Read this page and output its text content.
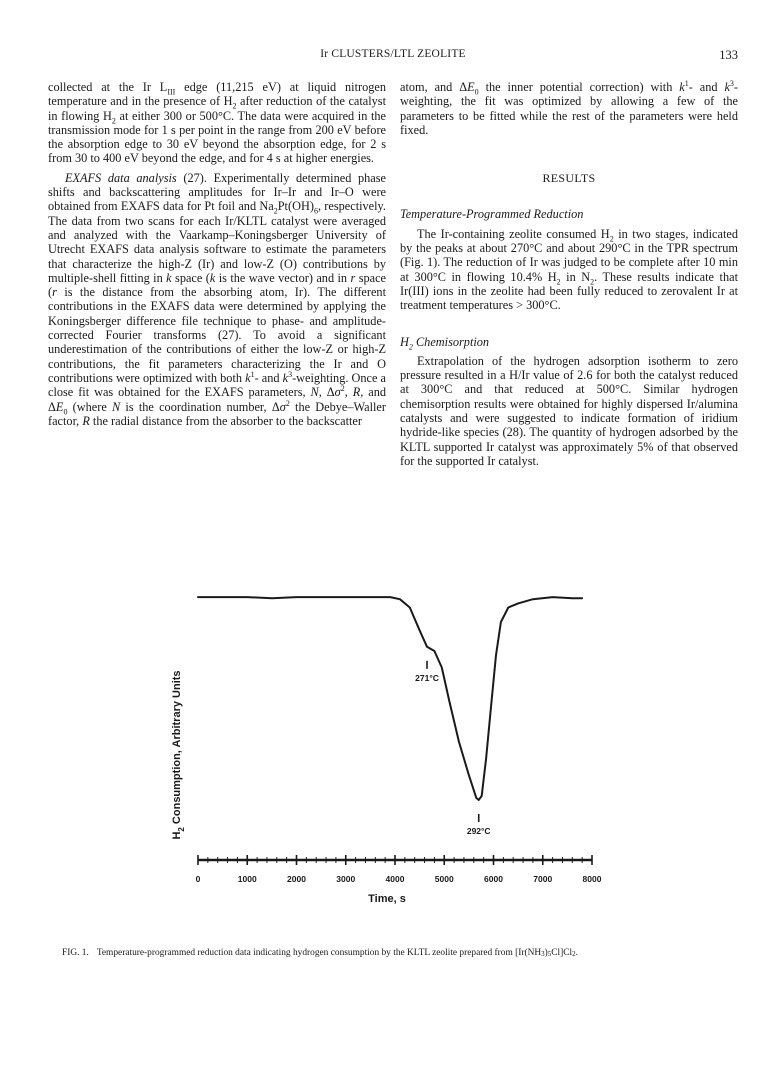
Ir CLUSTERS/LTL ZEOLITE	133

collected at the Ir $L_{III}$ edge (11,215 eV) at liquid nitrogen temperature and in the presence of $H_2$ after reduction of the catalyst in flowing $H_2$ at either 300 or 500°C. The data were acquired in the transmission mode for 1 s per point in the range from 200 eV before the absorption edge to 30 eV beyond the absorption edge, for 2 s from 30 to 400 eV beyond the edge, and for 4 s at higher energies.

EXAFS data analysis (27). Experimentally determined phase shifts and backscattering amplitudes for Ir–Ir and Ir–O were obtained from EXAFS data for Pt foil and $Na_2Pt(OH)_6$, respectively. The data from two scans for each Ir/KLTL catalyst were averaged and analyzed with the Vaarkamp–Koningsberger University of Utrecht EXAFS data analysis software to estimate the parameters that characterize the high-Z (Ir) and low-Z (O) contributions by multiple-shell fitting in k space (k is the wave vector) and in r space (r is the distance from the absorbing atom, Ir). The different contributions in the EXAFS data were determined by applying the Koningsberger difference file technique to phase- and amplitude-corrected Fourier transforms (27). To avoid a significant underestimation of the contributions of either the low-Z or high-Z contributions, the fit parameters characterizing the Ir and O contributions were optimized with both $k^1-$ and $k^3$-weighting. Once a close fit was obtained for the EXAFS parameters, N, $\Delta\sigma^2$, R, and $\Delta E_0$ (where N is the coordination number, $\Delta\sigma^2$ the Debye–Waller factor, R the radial distance from the absorber to the backscatter

atom, and $\Delta E_0$ the inner potential correction) with $k^1-$ and $k^3$-weighting, the fit was optimized by allowing a few of the parameters to be fitted while the rest of the parameters were held fixed.

RESULTS

Temperature-Programmed Reduction

The Ir-containing zeolite consumed $H_2$ in two stages, indicated by the peaks at about 270°C and about 290°C in the TPR spectrum (Fig. 1). The reduction of Ir was judged to be complete after 10 min at 300°C in flowing 10.4% $H_2$ in $N_2$. These results indicate that Ir(III) ions in the zeolite had been fully reduced to zerovalent Ir at treatment temperatures > 300°C.

$H_2$ Chemisorption

Extrapolation of the hydrogen adsorption isotherm to zero pressure resulted in a H/Ir value of 2.6 for both the catalyst reduced at 300°C and that reduced at 500°C. Similar hydrogen chemisorption results were obtained for highly dispersed Ir/alumina catalysts and were suggested to indicate formation of iridium hydride-like species (28). The quantity of hydrogen adsorbed by the KLTL supported Ir catalyst was approximately 5% of that observed for the supported Ir catalyst.

271°C
292°C
0	1000	2000	3000	4000	5000	6000	7000	8000
$H_2$ Consumption, Arbitrary Units
Time, s
FIG. 1. Temperature-programmed reduction data indicating hydrogen consumption by the KLTL zeolite prepared from $[Ir(NH_3)_5Cl]Cl_2$.
